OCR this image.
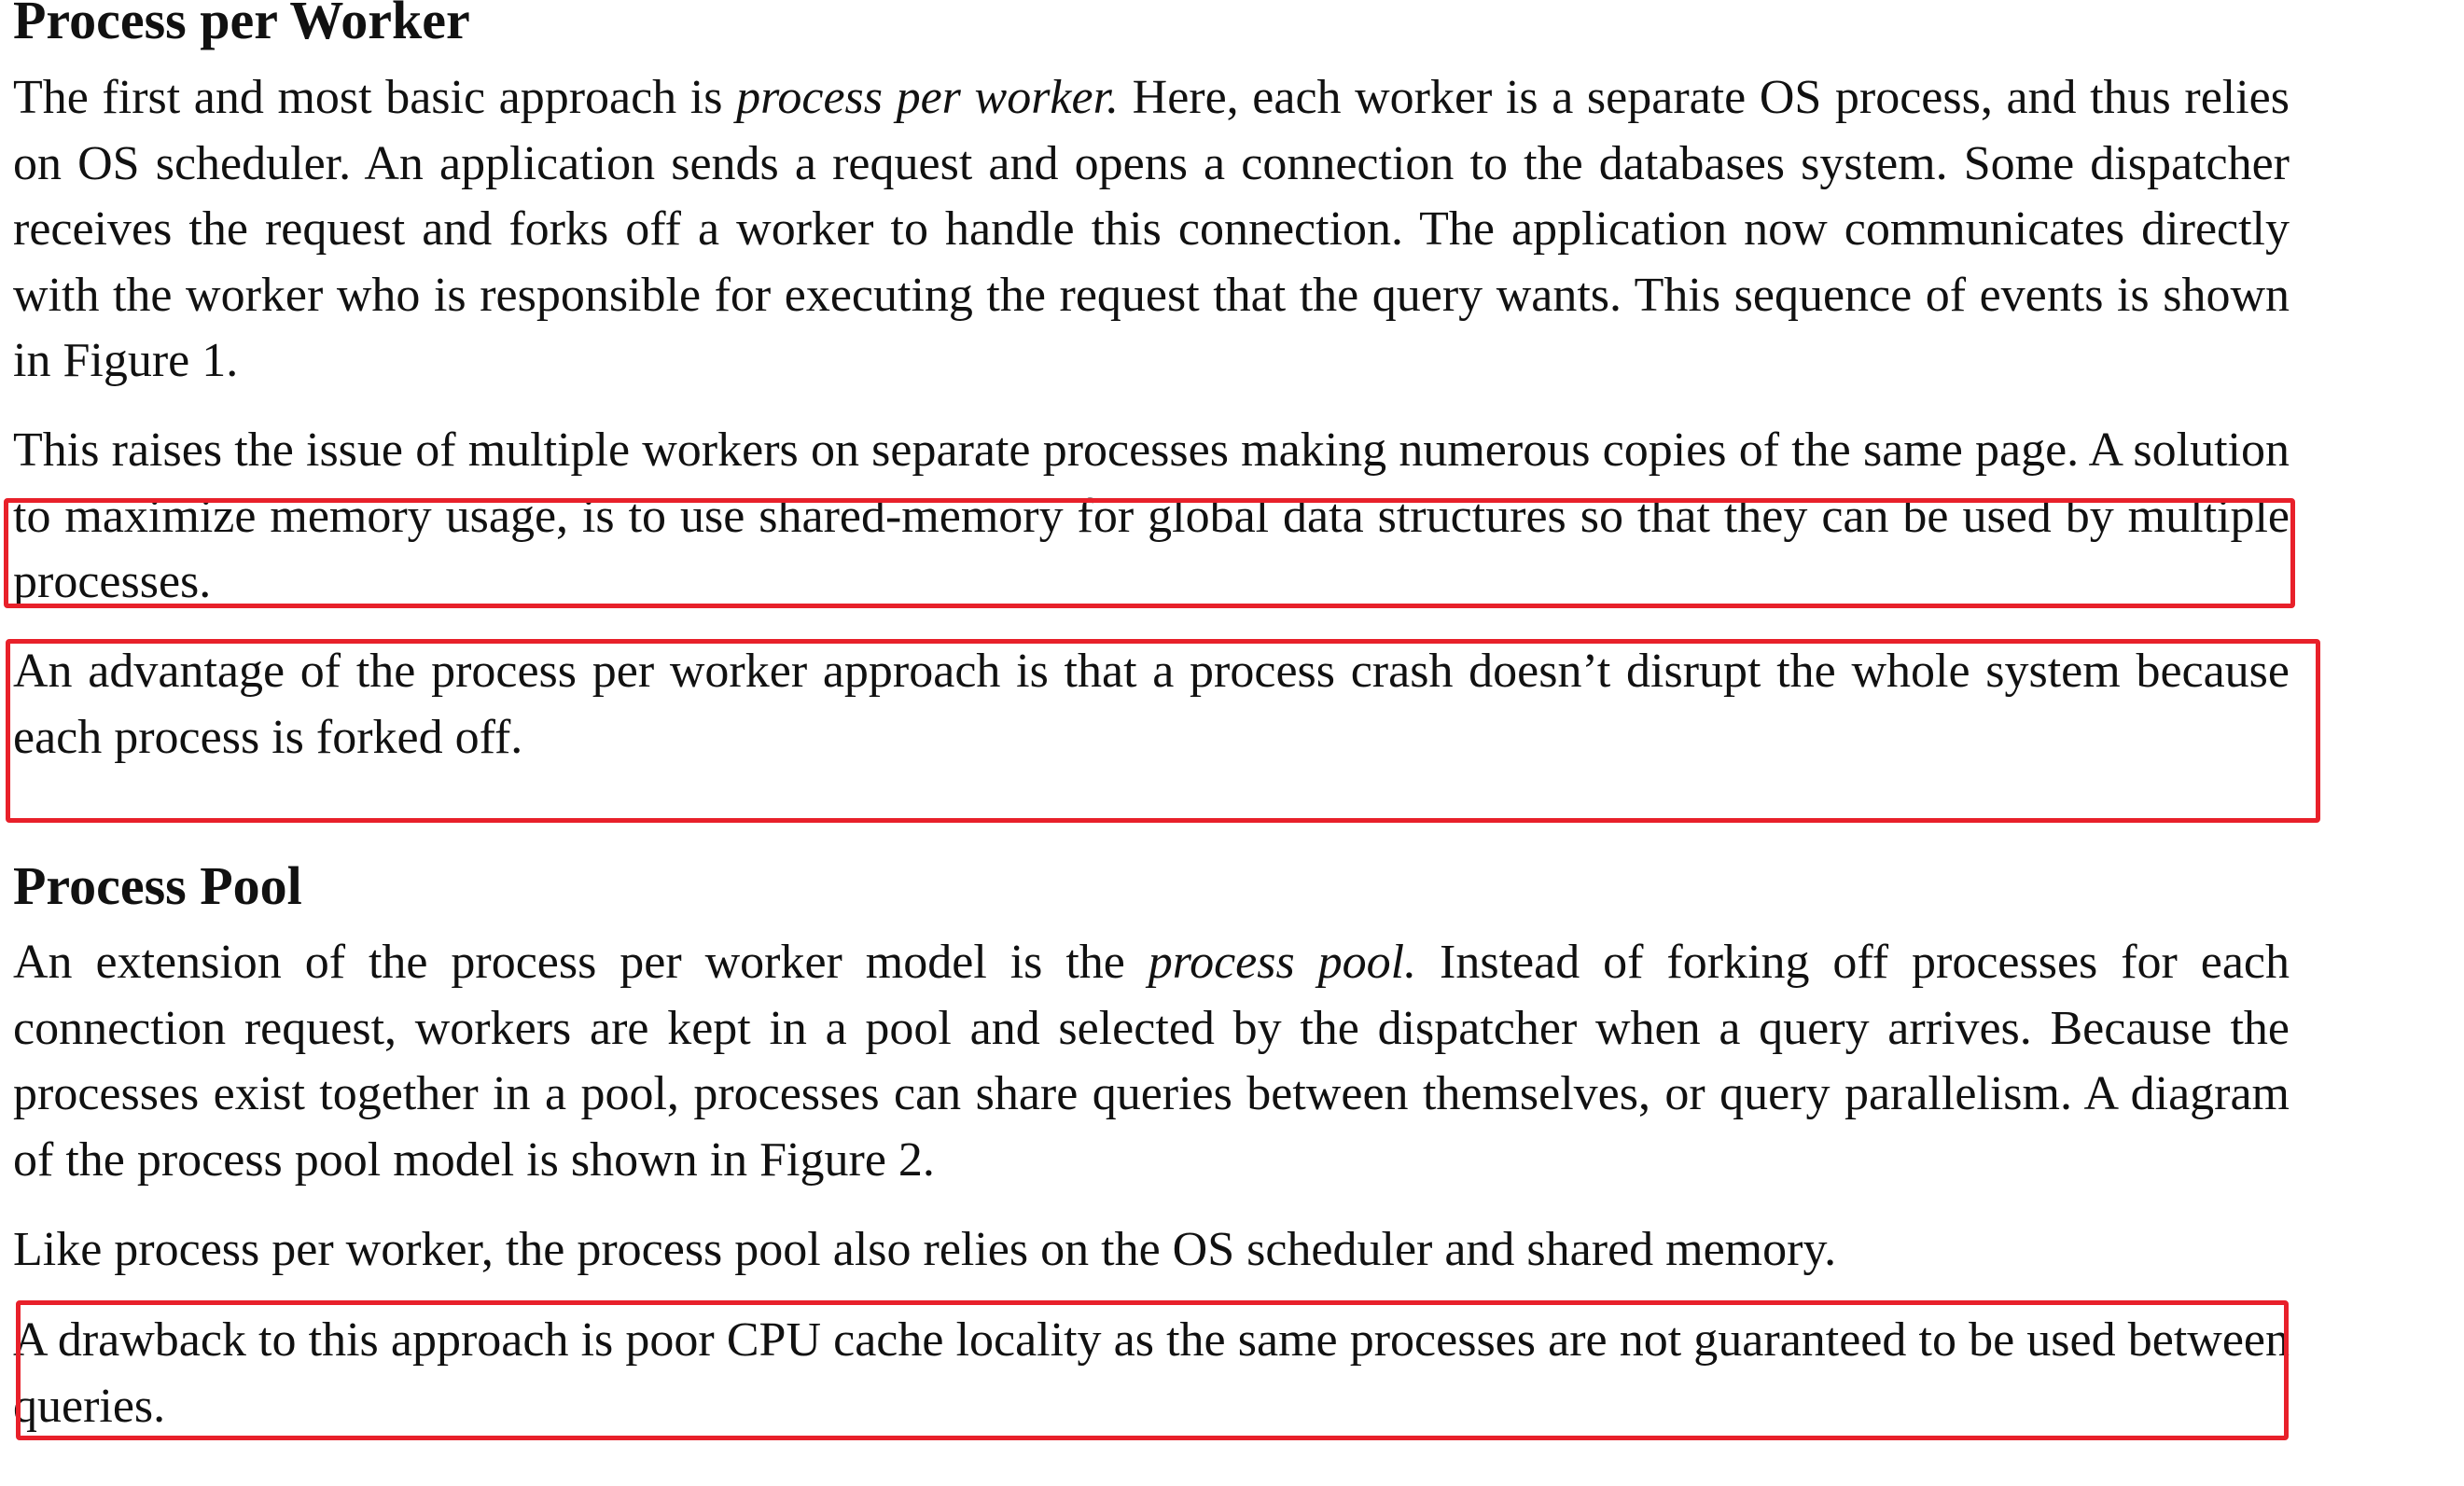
Process per Worker

The first and most basic approach is process per worker. Here, each worker is a separate OS process, and thus relies on OS scheduler. An application sends a request and opens a connection to the databases system. Some dispatcher receives the request and forks off a worker to handle this connection. The application now communicates directly with the worker who is responsible for executing the request that the query wants. This sequence of events is shown in Figure 1.

This raises the issue of multiple workers on separate processes making numerous copies of the same page. A solution to maximize memory usage, is to use shared-memory for global data structures so that they can be used by multiple processes.

An advantage of the process per worker approach is that a process crash doesn’t disrupt the whole system because each process is forked off.

Process Pool

An extension of the process per worker model is the process pool. Instead of forking off processes for each connection request, workers are kept in a pool and selected by the dispatcher when a query arrives. Because the processes exist together in a pool, processes can share queries between themselves, or query parallelism. A diagram of the process pool model is shown in Figure 2.

Like process per worker, the process pool also relies on the OS scheduler and shared memory.

A drawback to this approach is poor CPU cache locality as the same processes are not guaranteed to be used between queries.
